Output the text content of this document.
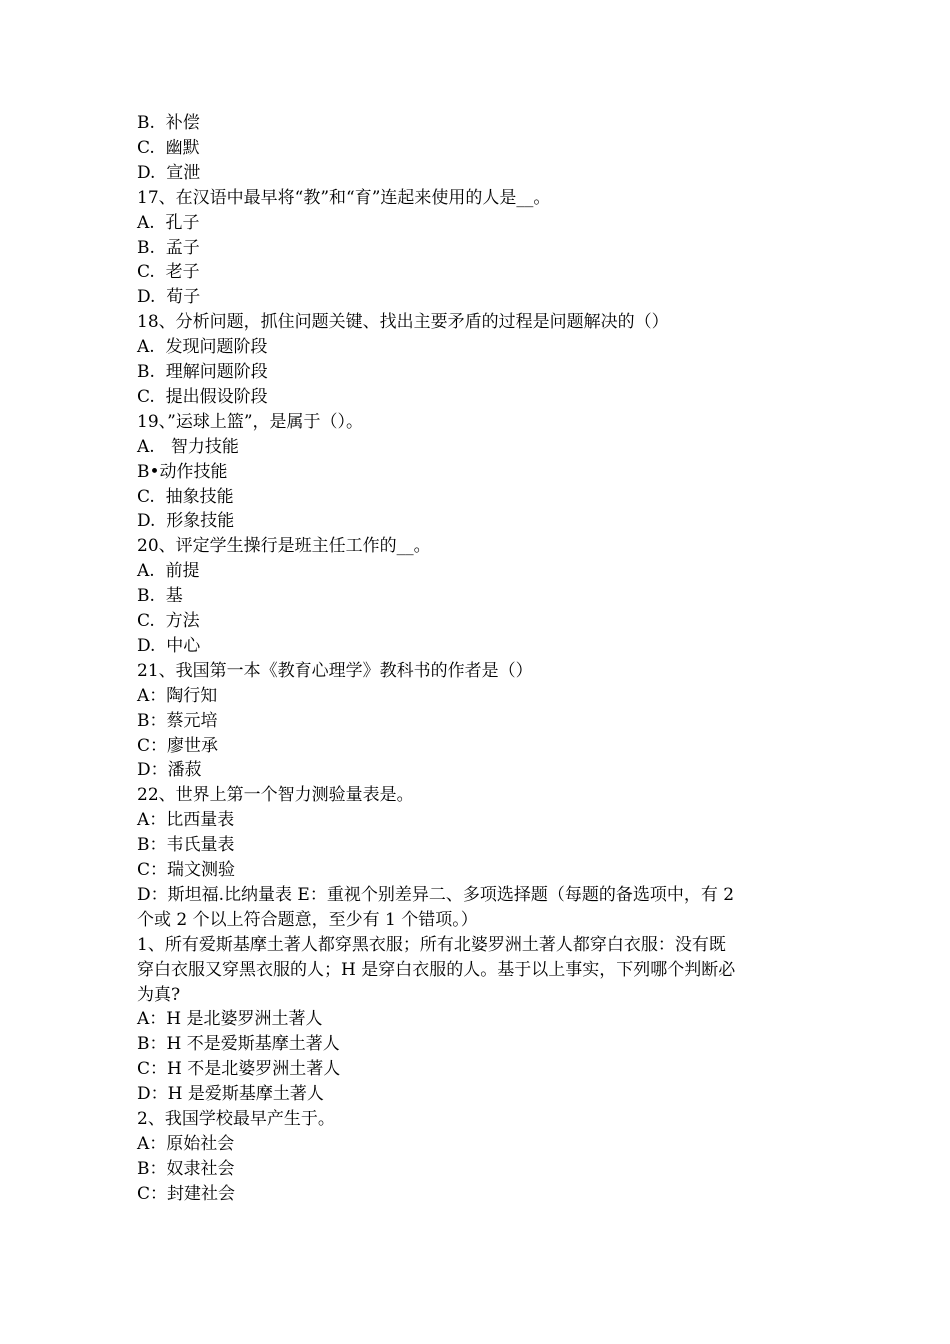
B.  补偿
C.  幽默
D.  宣泄
17、在汉语中最早将“教”和“育”连起来使用的人是__。
A.  孔子
B.  孟子
C.  老子
D.  荀子
18、分析问题，抓住问题关键、找出主要矛盾的过程是问题解决的（）
A.  发现问题阶段
B.  理解问题阶段
C.  提出假设阶段
19、”运球上篮”，是属于（）。
A.   智力技能
B•动作技能
C.  抽象技能
D.  形象技能
20、评定学生操行是班主任工作的__。
A.  前提
B.  基
C.  方法
D.  中心
21、我国第一本《教育心理学》教科书的作者是（）
A：陶行知
B：蔡元培
C：廖世承
D：潘菽
22、世界上第一个智力测验量表是。
A：比西量表
B：韦氏量表
C：瑞文测验
D：斯坦福.比纳量表 E：重视个别差异二、多项选择题（每题的备选项中，有 2
个或 2 个以上符合题意，至少有 1 个错项。）
1、所有爱斯基摩土著人都穿黑衣服；所有北婆罗洲土著人都穿白衣服：没有既
穿白衣服又穿黑衣服的人；H 是穿白衣服的人。基于以上事实，下列哪个判断必
为真?
A：H 是北婆罗洲土著人
B：H 不是爱斯基摩土著人
C：H 不是北婆罗洲土著人
D：H 是爱斯基摩土著人
2、我国学校最早产生于。
A：原始社会
B：奴隶社会
C：封建社会
